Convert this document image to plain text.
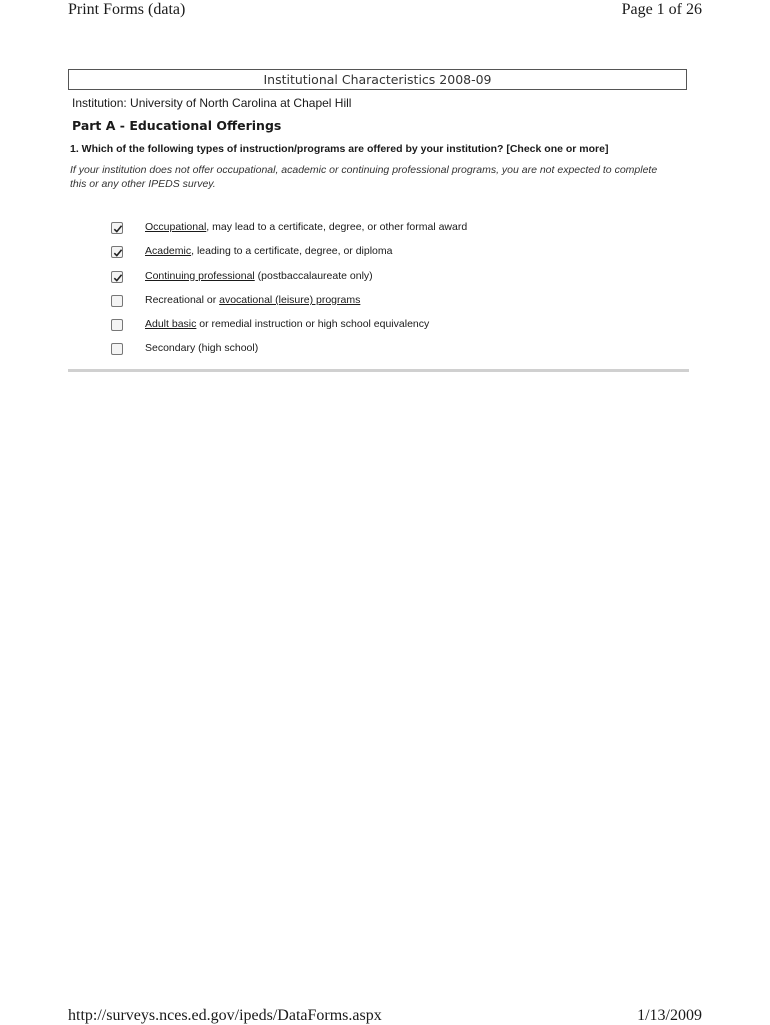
Print Forms (data)	Page 1 of 26
Institutional Characteristics 2008-09
Institution: University of North Carolina at Chapel Hill
Part A - Educational Offerings
1. Which of the following types of instruction/programs are offered by your institution? [Check one or more]
If your institution does not offer occupational, academic or continuing professional programs, you are not expected to complete this or any other IPEDS survey.
Occupational, may lead to a certificate, degree, or other formal award
Academic, leading to a certificate, degree, or diploma
Continuing professional (postbaccalaureate only)
Recreational or avocational (leisure) programs
Adult basic or remedial instruction or high school equivalency
Secondary (high school)
http://surveys.nces.ed.gov/ipeds/DataForms.aspx	1/13/2009
